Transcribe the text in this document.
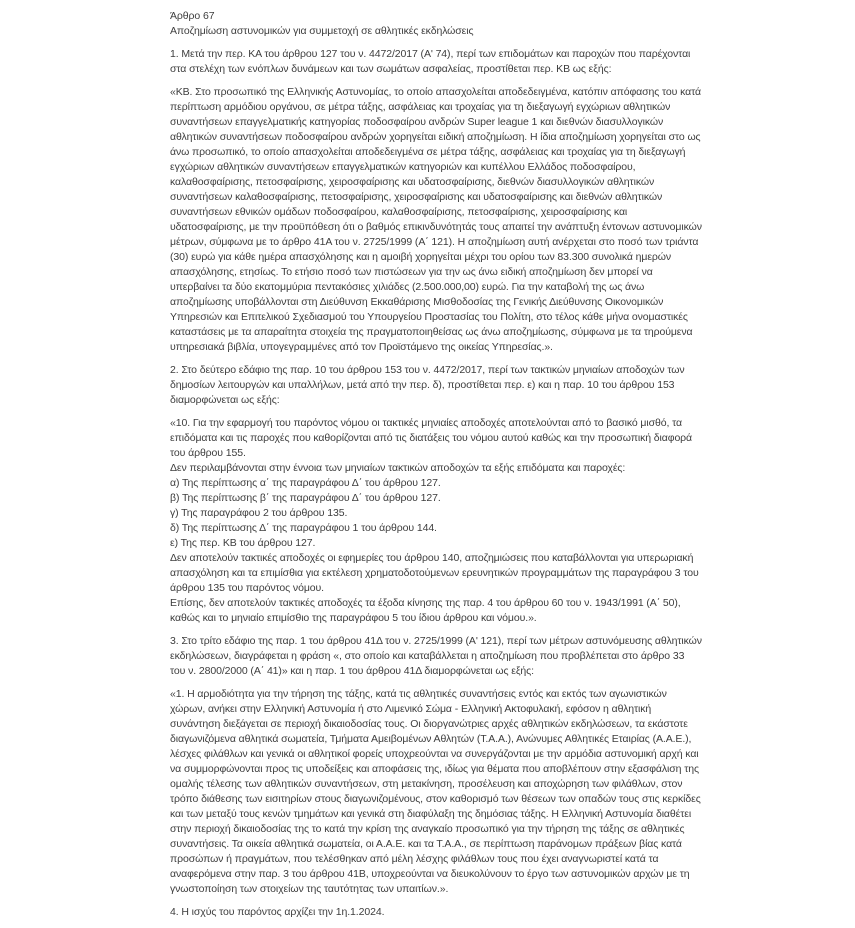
Άρθρο 67
Αποζημίωση αστυνομικών για συμμετοχή σε αθλητικές εκδηλώσεις

1. Μετά την περ. ΚΑ του άρθρου 127 του ν. 4472/2017 (Α' 74), περί των επιδομάτων και παροχών που παρέχονται στα στελέχη των ενόπλων δυνάμεων και των σωμάτων ασφαλείας, προστίθεται περ. ΚΒ ως εξής:

«ΚΒ. Στο προσωπικό της Ελληνικής Αστυνομίας, το οποίο απασχολείται αποδεδειγμένα, κατόπιν απόφασης του κατά περίπτωση αρμόδιου οργάνου, σε μέτρα τάξης, ασφάλειας και τροχαίας για τη διεξαγωγή εγχώριων αθλητικών συναντήσεων επαγγελματικής κατηγορίας ποδοσφαίρου ανδρών Super league 1 και διεθνών διασυλλογικών αθλητικών συναντήσεων ποδοσφαίρου ανδρών χορηγείται ειδική αποζημίωση. Η ίδια αποζημίωση χορηγείται στο ως άνω προσωπικό, το οποίο απασχολείται αποδεδειγμένα σε μέτρα τάξης, ασφάλειας και τροχαίας για τη διεξαγωγή εγχώριων αθλητικών συναντήσεων επαγγελματικών κατηγοριών και κυπέλλου Ελλάδος ποδοσφαίρου, καλαθοσφαίρισης, πετοσφαίρισης, χειροσφαίρισης και υδατοσφαίρισης, διεθνών διασυλλογικών αθλητικών συναντήσεων καλαθοσφαίρισης, πετοσφαίρισης, χειροσφαίρισης και υδατοσφαίρισης και διεθνών αθλητικών συναντήσεων εθνικών ομάδων ποδοσφαίρου, καλαθοσφαίρισης, πετοσφαίρισης, χειροσφαίρισης και υδατοσφαίρισης, με την προϋπόθεση ότι ο βαθμός επικινδυνότητάς τους απαιτεί την ανάπτυξη έντονων αστυνομικών μέτρων, σύμφωνα με το άρθρο 41Α του ν. 2725/1999 (Α΄ 121). Η αποζημίωση αυτή ανέρχεται στο ποσό των τριάντα (30) ευρώ για κάθε ημέρα απασχόλησης και η αμοιβή χορηγείται μέχρι του ορίου των 83.300 συνολικά ημερών απασχόλησης, ετησίως. Το ετήσιο ποσό των πιστώσεων για την ως άνω ειδική αποζημίωση δεν μπορεί να υπερβαίνει τα δύο εκατομμύρια πεντακόσιες χιλιάδες (2.500.000,00) ευρώ. Για την καταβολή της ως άνω αποζημίωσης υποβάλλονται στη Διεύθυνση Εκκαθάρισης Μισθοδοσίας της Γενικής Διεύθυνσης Οικονομικών Υπηρεσιών και Επιτελικού Σχεδιασμού του Υπουργείου Προστασίας του Πολίτη, στο τέλος κάθε μήνα ονομαστικές καταστάσεις με τα απαραίτητα στοιχεία της πραγματοποιηθείσας ως άνω αποζημίωσης, σύμφωνα με τα τηρούμενα υπηρεσιακά βιβλία, υπογεγραμμένες από τον Προϊστάμενο της οικείας Υπηρεσίας.».

2. Στο δεύτερο εδάφιο της παρ. 10 του άρθρου 153 του ν. 4472/2017, περί των τακτικών μηνιαίων αποδοχών των δημοσίων λειτουργών και υπαλλήλων, μετά από την περ. δ), προστίθεται περ. ε) και η παρ. 10 του άρθρου 153 διαμορφώνεται ως εξής:

«10. Για την εφαρμογή του παρόντος νόμου οι τακτικές μηνιαίες αποδοχές αποτελούνται από το βασικό μισθό, τα επιδόματα και τις παροχές που καθορίζονται από τις διατάξεις του νόμου αυτού καθώς και την προσωπική διαφορά του άρθρου 155.
Δεν περιλαμβάνονται στην έννοια των μηνιαίων τακτικών αποδοχών τα εξής επιδόματα και παροχές:
α) Της περίπτωσης α΄ της παραγράφου Δ΄ του άρθρου 127.
β) Της περίπτωσης β΄ της παραγράφου Δ΄ του άρθρου 127.
γ) Της παραγράφου 2 του άρθρου 135.
δ) Της περίπτωσης Δ΄ της παραγράφου 1 του άρθρου 144.
ε) Της περ. ΚΒ του άρθρου 127.
Δεν αποτελούν τακτικές αποδοχές οι εφημερίες του άρθρου 140, αποζημιώσεις που καταβάλλονται για υπερωριακή απασχόληση και τα επιμίσθια για εκτέλεση χρηματοδοτούμενων ερευνητικών προγραμμάτων της παραγράφου 3 του άρθρου 135 του παρόντος νόμου.
Επίσης, δεν αποτελούν τακτικές αποδοχές τα έξοδα κίνησης της παρ. 4 του άρθρου 60 του ν. 1943/1991 (Α΄ 50), καθώς και το μηνιαίο επιμίσθιο της παραγράφου 5 του ίδιου άρθρου και νόμου.».

3. Στο τρίτο εδάφιο της παρ. 1 του άρθρου 41Δ του ν. 2725/1999 (Α' 121), περί των μέτρων αστυνόμευσης αθλητικών εκδηλώσεων, διαγράφεται η φράση «, στο οποίο και καταβάλλεται η αποζημίωση που προβλέπεται στο άρθρο 33 του ν. 2800/2000 (Α΄ 41)» και η παρ. 1 του άρθρου 41Δ διαμορφώνεται ως εξής:

«1. Η αρμοδιότητα για την τήρηση της τάξης, κατά τις αθλητικές συναντήσεις εντός και εκτός των αγωνιστικών χώρων, ανήκει στην Ελληνική Αστυνομία ή στο Λιμενικό Σώμα - Ελληνική Ακτοφυλακή, εφόσον η αθλητική συνάντηση διεξάγεται σε περιοχή δικαιοδοσίας τους. Οι διοργανώτριες αρχές αθλητικών εκδηλώσεων, τα εκάστοτε διαγωνιζόμενα αθλητικά σωματεία, Τμήματα Αμειβομένων Αθλητών (Τ.Α.Α.), Ανώνυμες Αθλητικές Εταιρίας (Α.Α.Ε.), λέσχες φιλάθλων και γενικά οι αθλητικοί φορείς υποχρεούνται να συνεργάζονται με την αρμόδια αστυνομική αρχή και να συμμορφώνονται προς τις υποδείξεις και αποφάσεις της, ιδίως για θέματα που αποβλέπουν στην εξασφάλιση της ομαλής τέλεσης των αθλητικών συναντήσεων, στη μετακίνηση, προσέλευση και αποχώρηση των φιλάθλων, στον τρόπο διάθεσης των εισιτηρίων στους διαγωνιζομένους, στον καθορισμό των θέσεων των οπαδών τους στις κερκίδες και των μεταξύ τους κενών τμημάτων και γενικά στη διαφύλαξη της δημόσιας τάξης. Η Ελληνική Αστυνομία διαθέτει στην περιοχή δικαιοδοσίας της το κατά την κρίση της αναγκαίο προσωπικό για την τήρηση της τάξης σε αθλητικές συναντήσεις. Τα οικεία αθλητικά σωματεία, οι Α.Α.Ε. και τα Τ.Α.Α., σε περίπτωση παράνομων πράξεων βίας κατά προσώπων ή πραγμάτων, που τελέσθηκαν από μέλη λέσχης φιλάθλων τους που έχει αναγνωριστεί κατά τα αναφερόμενα στην παρ. 3 του άρθρου 41Β, υποχρεούνται να διευκολύνουν το έργο των αστυνομικών αρχών με τη γνωστοποίηση των στοιχείων της ταυτότητας των υπαιτίων.».

4. Η ισχύς του παρόντος αρχίζει την 1η.1.2024.
